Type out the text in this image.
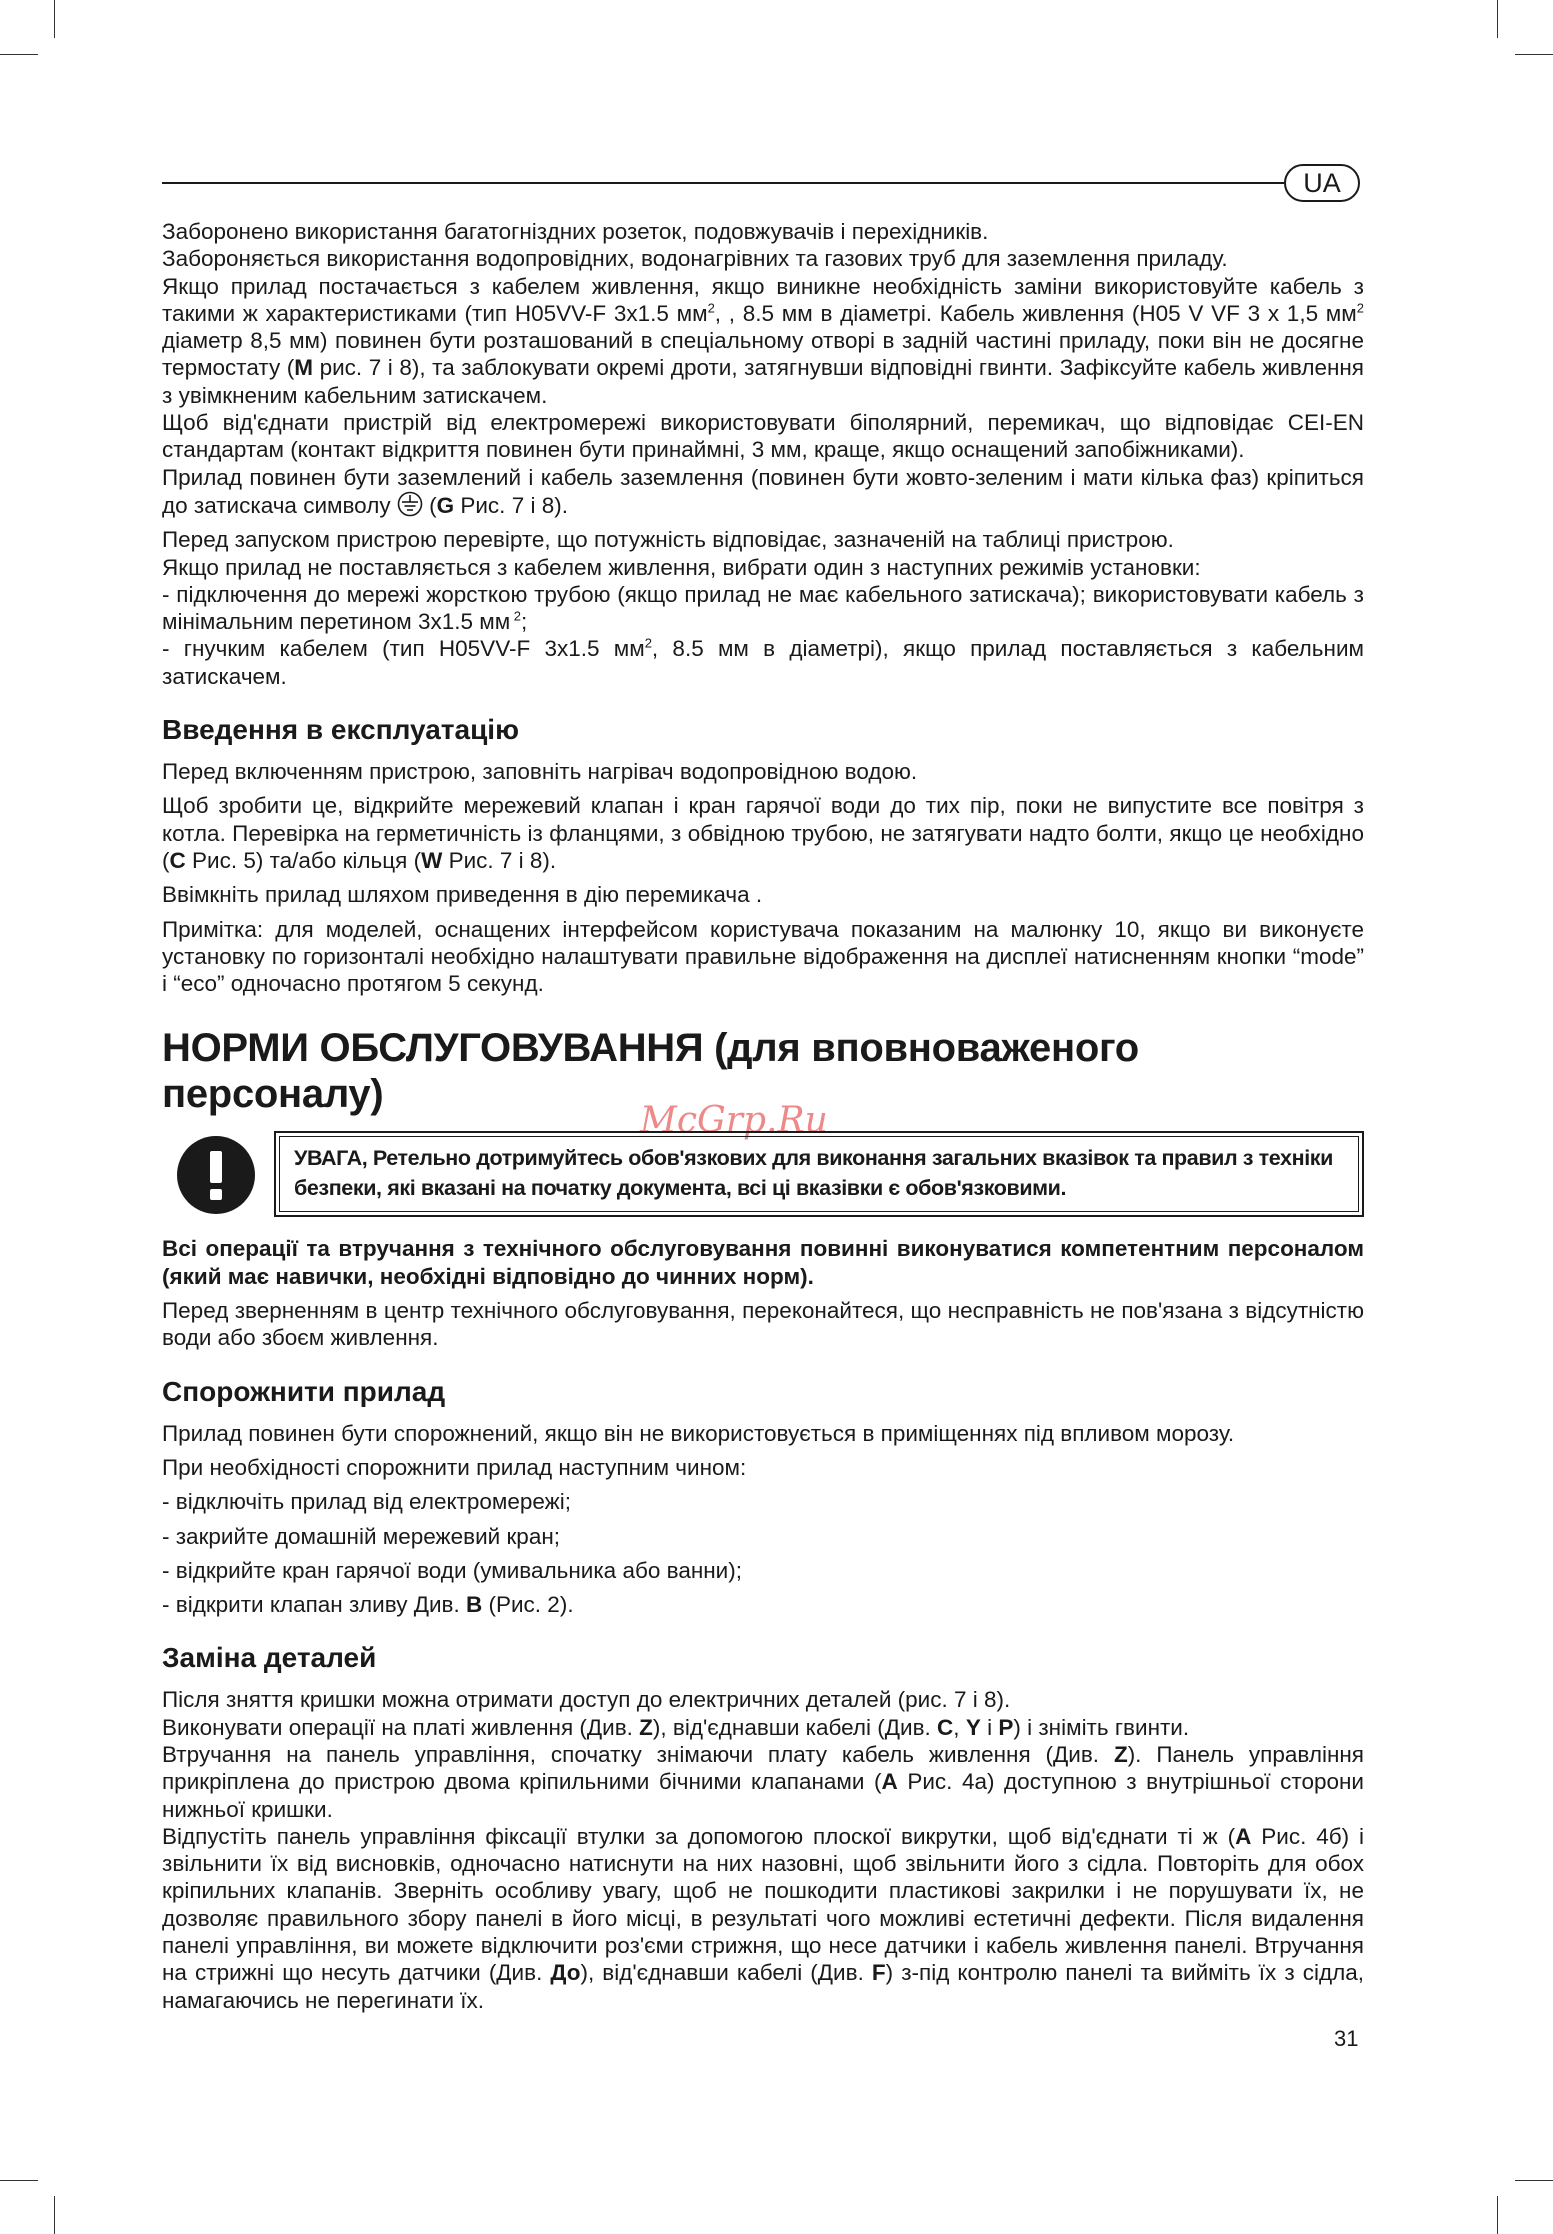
UA
McGrp.Ru

Заборонено використання багатогніздних розеток, подовжувачів і перехідників.

Забороняється використання водопровідних, водонагрівних та газових труб для заземлення приладу.

Якщо прилад постачається з кабелем живлення, якщо виникне необхідність заміни використовуйте кабель з такими ж характеристиками (тип H05VV-F 3x1.5 $мм^2$, , 8.5 мм в діаметрі. Кабель живлення (H05 V VF 3 x 1,5 $мм^2$ діаметр 8,5 мм) повинен бути розташований в спеціальному отворі в задній частині приладу, поки він не досягне термостату (M рис. 7 і 8), та заблокувати окремі дроти, затягнувши відповідні гвинти. Зафіксуйте кабель живлення з увімкненим кабельним затискачем.

Щоб від'єднати пристрій від електромережі використовувати біполярний, перемикач, що відповідає CEI-EN стандартам (контакт відкриття повинен бути принаймні, 3 мм, краще, якщо оснащений запобіжниками).

Прилад повинен бути заземлений і кабель заземлення (повинен бути жовто-зеленим і мати кілька фаз) кріпиться до затискача символу  (G Рис. 7 і 8).

Перед запуском пристрою перевірте, що потужність відповідає, зазначеній на таблиці пристрою.

Якщо прилад не поставляється з кабелем живлення, вибрати один з наступних режимів установки:

- підключення до мережі жорсткою трубою (якщо прилад не має кабельного затискача); використовувати кабель з мінімальним перетином 3x1.5 мм $^2$;

- гнучким кабелем (тип H05VV-F 3x1.5 $мм^2$, 8.5 мм в діаметрі), якщо прилад поставляється з кабельним затискачем.

Введення в експлуатацію

Перед включенням пристрою, заповніть нагрівач водопровідною водою.

Щоб зробити це, відкрийте мережевий клапан і кран гарячої води до тих пір, поки не випустите все повітря з котла. Перевірка на герметичність із фланцями, з обвідною трубою, не затягувати надто болти, якщо це необхідно (C Рис. 5) та/або кільця (W Рис. 7 і 8).

Ввімкніть прилад шляхом приведення в дію перемикача .

Примітка: для моделей, оснащених інтерфейсом користувача показаним на малюнку 10, якщо ви виконуєте установку по горизонталі необхідно налаштувати правильне відображення на дисплеї натисненням кнопки “mode” і “eco” одночасно протягом 5 секунд.

НОРМИ ОБСЛУГОВУВАННЯ (для вповноваженого персоналу)
УВАГА, Ретельно дотримуйтесь обов'язкових для виконання загальних вказівок та правил з техніки безпеки, які вказані на початку документа, всі ці вказівки є обов'язковими.

Всі операції та втручання з технічного обслуговування повинні виконуватися компетентним персоналом (який має навички, необхідні відповідно до чинних норм).

Перед зверненням в центр технічного обслуговування, переконайтеся, що несправність не пов'язана з відсутністю води або збоєм живлення.

Спорожнити прилад

Прилад повинен бути спорожнений, якщо він не використовується в приміщеннях під впливом морозу.

При необхідності спорожнити прилад наступним чином:

- відключіть прилад від електромережі;

- закрийте домашній мережевий кран;

- відкрийте кран гарячої води (умивальника або ванни);

- відкрити клапан зливу Див. B (Рис. 2).

Заміна деталей

Після зняття кришки можна отримати доступ до електричних деталей (рис. 7 і 8).

Виконувати операції на платі живлення (Див. Z), від'єднавши кабелі (Див. C, Y і P) і зніміть гвинти.

Втручання на панель управління, спочатку знімаючи плату кабель живлення (Див. Z). Панель управління прикріплена до пристрою двома кріпильними бічними клапанами (A Рис. 4a) доступною з внутрішньої сторони нижньої кришки.

Відпустіть панель управління фіксації втулки за допомогою плоскої викрутки, щоб від'єднати ті ж (A Рис. 4б) і звільнити їх від висновків, одночасно натиснути на них назовні, щоб звільнити його з сідла. Повторіть для обох кріпильних клапанів. Зверніть особливу увагу, щоб не пошкодити пластикові закрилки і не порушувати їх, не дозволяє правильного збору панелі в його місці, в результаті чого можливі естетичні дефекти. Після видалення панелі управління, ви можете відключити роз'єми стрижня, що несе датчики і кабель живлення панелі. Втручання на стрижні що несуть датчики (Див. До), від'єднавши кабелі (Див. F) з-під контролю панелі та вийміть їх з сідла, намагаючись не перегинати їх.

31
